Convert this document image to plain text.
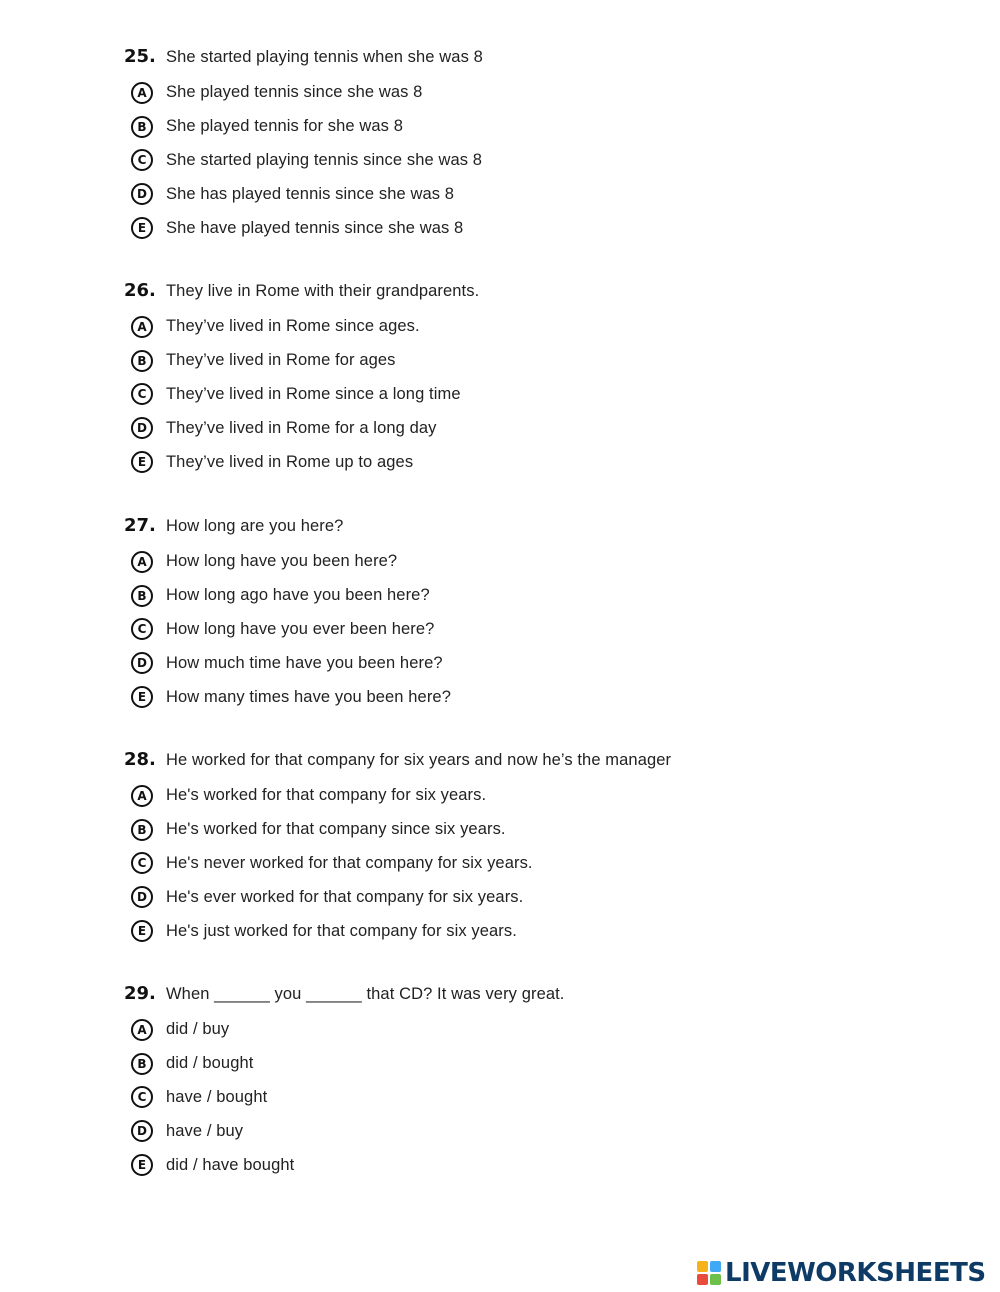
25. She started playing tennis when she was 8
A	She played tennis since she was 8
B	She played tennis for she was 8
C	She started playing tennis since she was 8
D	She has played tennis since she was 8
E	She have played tennis since she was 8
26. They live in Rome with their grandparents.
A	They’ve lived in Rome since ages.
B	They’ve lived in Rome for ages
C	They’ve lived in Rome since a long time
D	They’ve lived in Rome for a long day
E	They’ve lived in Rome up to ages
27. How long are you here?
A	How long have you been here?
B	How long ago have you been here?
C	How long have you ever been here?
D	How much time have you been here?
E	How many times have you been here?
28. He worked for that company for six years and now he’s the manager
A	He's worked for that company for six years.
B	He's worked for that company since six years.
C	He's never worked for that company for six years.
D	He's ever worked for that company for six years.
E	He's just worked for that company for six years.
29. When ______ you ______ that CD? It was very great.
A	did / buy
B	did / bought
C	have / bought
D	have / buy
E	did / have bought
LIVEWORKSHEETS
